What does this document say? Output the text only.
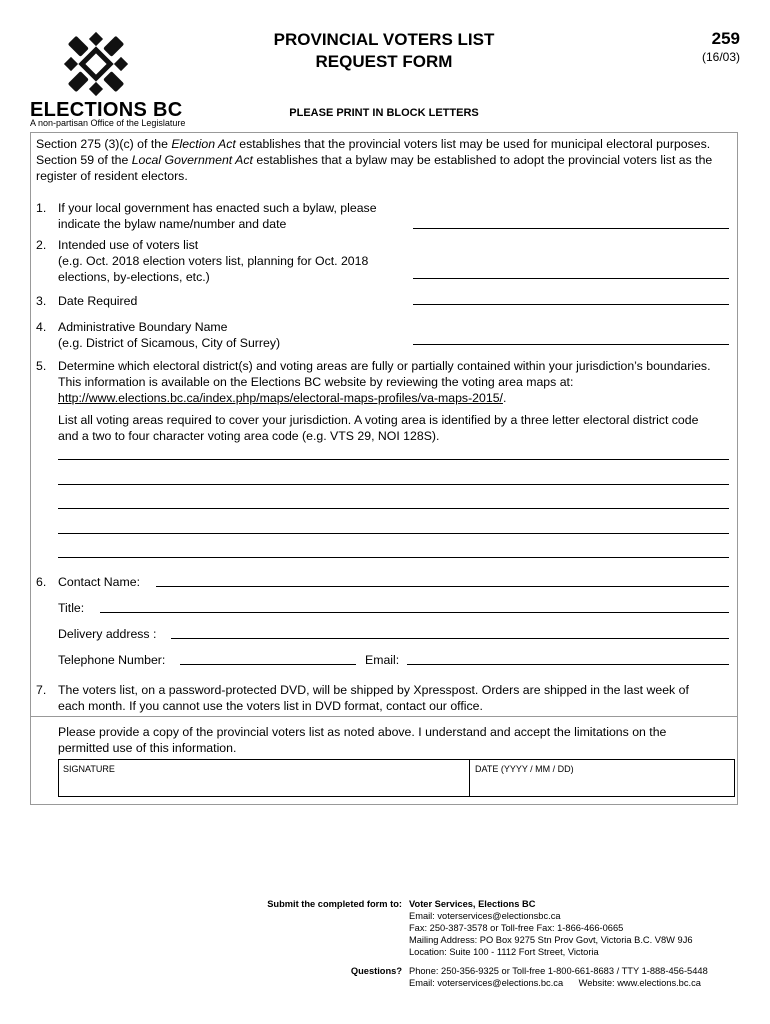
ELECTIONS BC
A non-partisan Office of the Legislature
PROVINCIAL VOTERS LIST
REQUEST FORM
259
(16/03)
PLEASE PRINT IN BLOCK LETTERS
Section 275 (3)(c) of the Election Act establishes that the provincial voters list may be used for municipal electoral purposes.
Section 59 of the Local Government Act establishes that a bylaw may be established to adopt the provincial voters list as the
register of resident electors.
1. If your local government has enacted such a bylaw, please
indicate the bylaw name/number and date
2. Intended use of voters list
(e.g. Oct. 2018 election voters list, planning for Oct. 2018
elections, by-elections, etc.)
3. Date Required
4. Administrative Boundary Name
(e.g. District of Sicamous, City of Surrey)
5. Determine which electoral district(s) and voting areas are fully or partially contained within your jurisdiction’s boundaries.
This information is available on the Elections BC website by reviewing the voting area maps at:
http://www.elections.bc.ca/index.php/maps/electoral-maps-profiles/va-maps-2015/.
List all voting areas required to cover your jurisdiction. A voting area is identified by a three letter electoral district code
and a two to four character voting area code (e.g. VTS 29, NOI 128S).
6. Contact Name:
Title:
Delivery address :
Telephone Number:	Email:
7. The voters list, on a password-protected DVD, will be shipped by Xpresspost. Orders are shipped in the last week of
each month. If you cannot use the voters list in DVD format, contact our office.
Please provide a copy of the provincial voters list as noted above. I understand and accept the limitations on the
permitted use of this information.
SIGNATURE	DATE (YYYY / MM / DD)
Submit the completed form to: Voter Services, Elections BC
Email: voterservices@electionsbc.ca
Fax: 250-387-3578 or Toll-free Fax: 1-866-466-0665
Mailing Address: PO Box 9275 Stn Prov Govt, Victoria B.C. V8W 9J6
Location: Suite 100 - 1112 Fort Street, Victoria
Questions? Phone: 250-356-9325 or Toll-free 1-800-661-8683 / TTY 1-888-456-5448
Email: voterservices@elections.bc.ca      Website: www.elections.bc.ca
